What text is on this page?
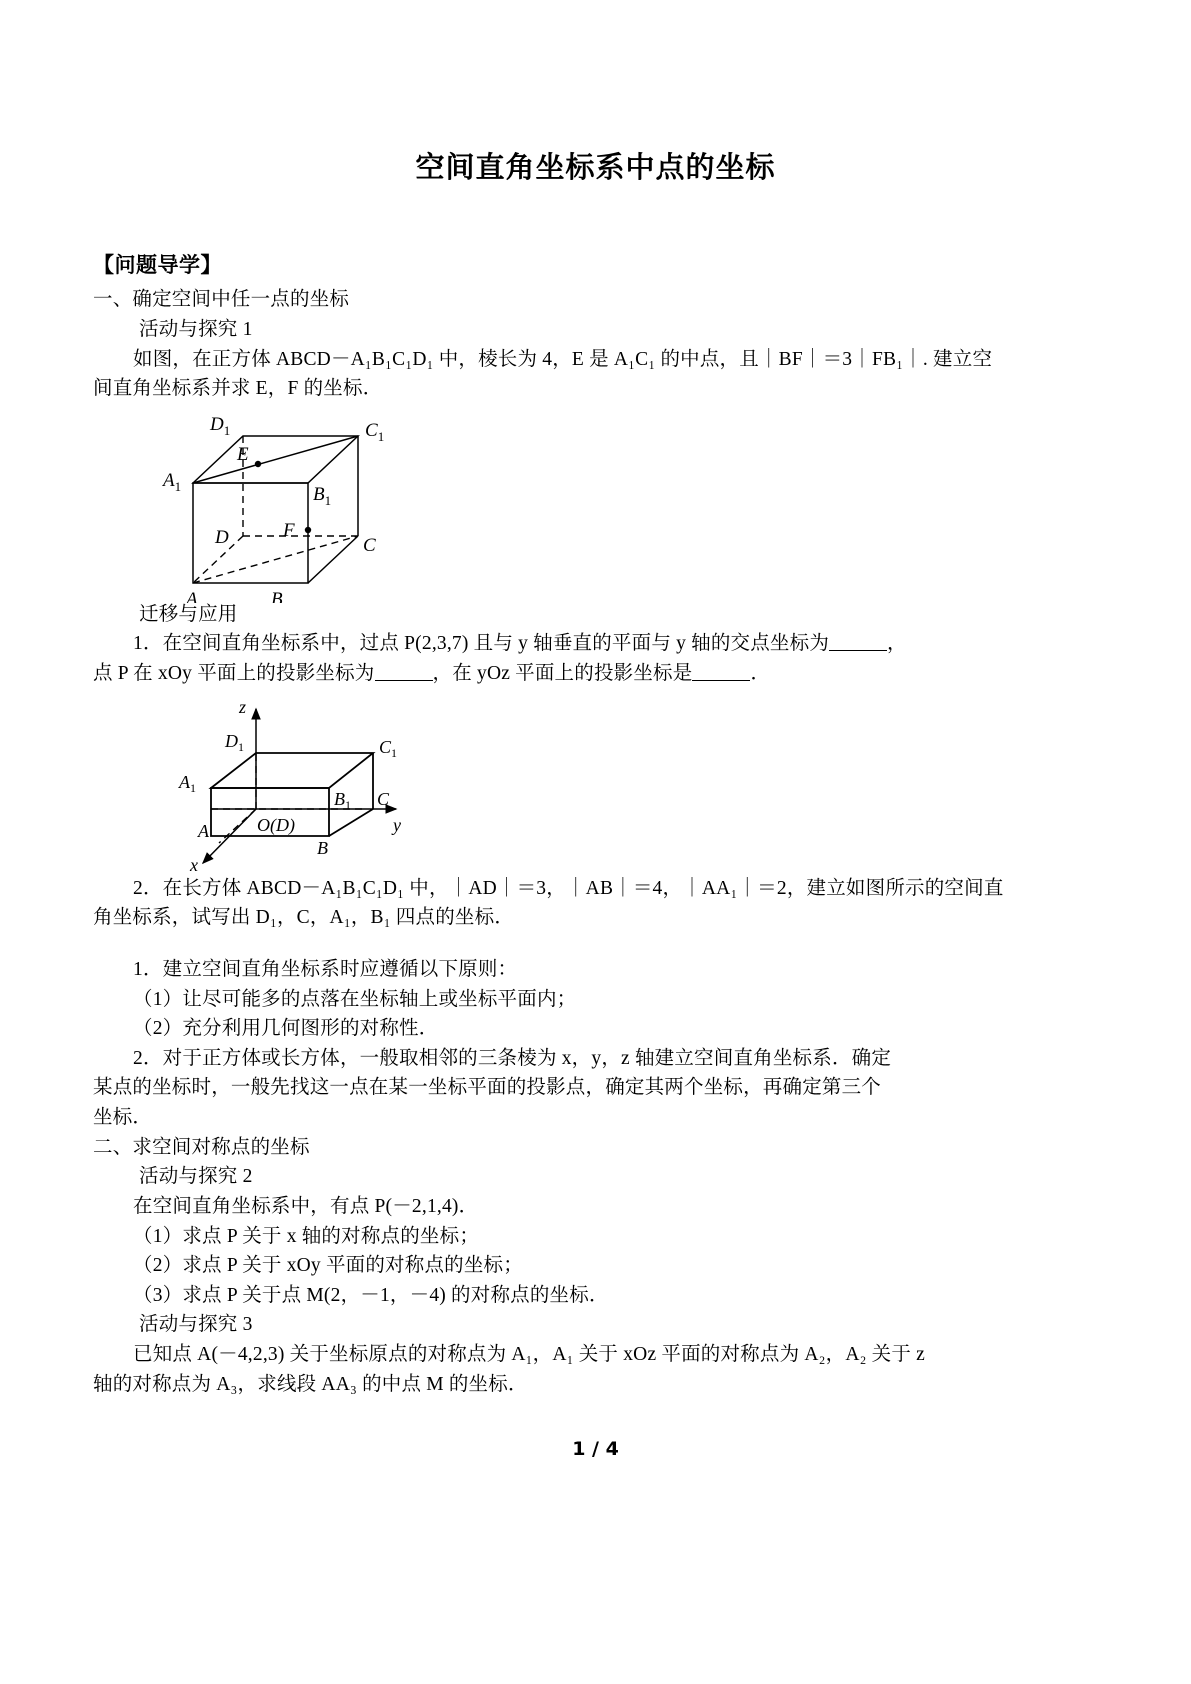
空间直角坐标系中点的坐标
【问题导学】

一、确定空间中任一点的坐标

活动与探究 1

如图，在正方体 ABCD－A₁B₁C₁D₁ 中，棱长为 4，E 是 A₁C₁ 的中点，且｜BF｜＝3｜FB₁｜. 建立空

间直角坐标系并求 E，F 的坐标．

$D_1$	$C_1$
$A_1$	$B_1$
E
F
D	C
A	B

迁移与应用

1．在空间直角坐标系中，过点 P(2,3,7) 且与 y 轴垂直的平面与 y 轴的交点坐标为	，

点 P 在 xOy 平面上的投影坐标为	，在 yOz 平面上的投影坐标是	．

z
y
x
$D_1$	$C_1$
$A_1$
$B_1$ C
O(D)
A
B

2．在长方体 ABCD－A₁B₁C₁D₁ 中，｜AD｜＝3，｜AB｜＝4，｜AA₁｜＝2，建立如图所示的空间直

角坐标系，试写出 D₁，C，A₁，B₁ 四点的坐标．

1．建立空间直角坐标系时应遵循以下原则：

（1）让尽可能多的点落在坐标轴上或坐标平面内；

（2）充分利用几何图形的对称性．

2．对于正方体或长方体，一般取相邻的三条棱为 x，y，z 轴建立空间直角坐标系．确定

某点的坐标时，一般先找这一点在某一坐标平面的投影点，确定其两个坐标，再确定第三个

坐标．

二、求空间对称点的坐标

活动与探究 2

在空间直角坐标系中，有点 P(－2,1,4)．

（1）求点 P 关于 x 轴的对称点的坐标；

（2）求点 P 关于 xOy 平面的对称点的坐标；

（3）求点 P 关于点 M(2，－1，－4) 的对称点的坐标．

活动与探究 3

已知点 A(－4,2,3) 关于坐标原点的对称点为 A₁，A₁ 关于 xOz 平面的对称点为 A₂，A₂ 关于 z

轴的对称点为 A₃，求线段 AA₃ 的中点 M 的坐标．

1 / 4
